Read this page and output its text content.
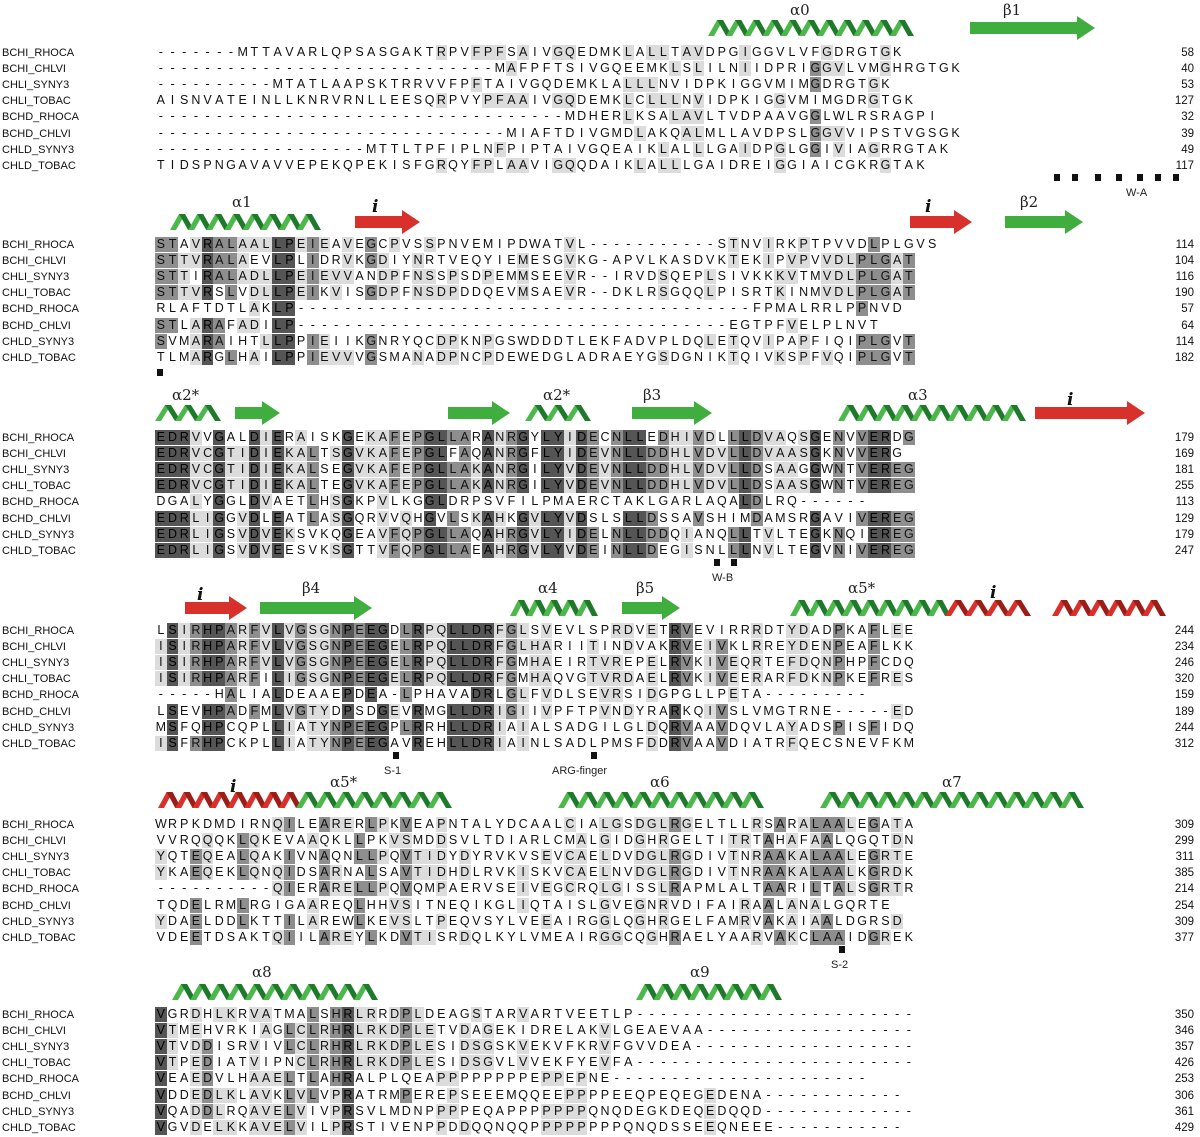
α0	β1
BCHI_RHOCA	- - - - - - - M T T A V A R L Q P S A S G A K T R P V F P F S A I V G Q E D M K L A L L T A V D P G I G G V L V F G D R G T G K	58
BCHI_CHLVI	- - - - - - - - - - - - - - - - - - - - - - - - - - - - - M A F P F T S I V G Q E E M K L S L I L N I I D P R I G G V L V M G H R G T G K	40
CHLI_SYNY3	- - - - - - - - - - M T A T L A A P S K T R R V V F P F T A I V G Q D E M K L A L L L N V I D P K I G G V M I M G D R G T G K	53
CHLI_TOBAC	A I S N V A T E I N L L K N R V R N L L E E S Q R P V Y P F A A I V G Q D E M K L C L L L N V I D P K I G G V M I M G D R G T G K	127
BCHD_RHOCA	- - - - - - - - - - - - - - - - - - - - - - - - - - - - - - - - - - - M D H E R L K S A L A V L T V D P A A V G G L W L R S R A G P I	32
BCHD_CHLVI	- - - - - - - - - - - - - - - - - - - - - - - - - - - - - - M I A F T D I V G M D L A K Q A L M L L A V D P S L G G V V I P S T V G S G K	39
CHLD_SYNY3	- - - - - - - - - - - - - - - - - - M T T L T P F I P L N F P I P T A I V G Q E A I K L A L L L G A I D P G L G G I V I A G R R G T A K	49
CHLD_TOBAC	T I D S P N G A V A V V E P E K Q P E K I S F G R Q Y F P L A A V I G Q Q D A I K L A L L L G A I D R E I G G I A I C G K R G T A K	117
W-A
α1	i	i	β2
BCHI_RHOCA	S T A V R A L A A L L P E I E A V E G C P V S S P N V E M I P D W A T V L - - - - - - - - - - - S T N V I R K P T P V V D L P L G V S	114
BCHI_CHLVI	S T T V R A L A E V L P L I D R V K G D I Y N R T V E Q Y I E M E S G V K G - A P V L K A S D V K T E K I P V P V V D L P L G A T	104
CHLI_SYNY3	S T T I R A L A D L L P E I E V V A N D P F N S S P S D P E M M S E E V R - - I R V D S Q E P L S I V K K K V T M V D L P L G A T	116
CHLI_TOBAC	S T T V R S L V D L L P E I K V I S G D P F N S D P D D Q E V M S A E V R - - D K L R S G Q Q L P I S R T K I N M V D L P L G A T	190
BCHD_RHOCA	R L A F T D T L A K L P - - - - - - - - - - - - - - - - - - - - - - - - - - - - - - - - - - - - - - - F P M A L R R L P P N V D	57
BCHD_CHLVI	S T L A R A F A D I L P - - - - - - - - - - - - - - - - - - - - - - - - - - - - - - - - - - - - - E G T P F V E L P L N V T	64
CHLD_SYNY3	S V M A R A I H T L L P P I E I I K G N R Y Q C D P K N P G S W D D D T L E K F A D V P L D Q L E T Q V I P A P F I Q I P L G V T	114
CHLD_TOBAC	T L M A R G L H A I L P P I E V V V G S M A N A D P N C P D E W E D G L A D R A E Y G S D G N I K T Q I V K S P F V Q I P L G V T	182
α2*	α2*	β3	α3	i
BCHI_RHOCA	E D R V V G A L D I E R A I S K G E K A F E P G L L A R A N R G Y L Y I D E C N L L E D H I V D L L L D V A Q S G E N V V E R D G	179
BCHI_CHLVI	E D R V C G T I D I E K A L T S G V K A F E P G L F A Q A N R G F L Y I D E V N L L D D H L V D V L L D V A A S G K N V V E R G	169
CHLI_SYNY3	E D R V C G T I D I E K A L S E G V K A F E P G L L A K A N R G I L Y V D E V N L L D D H L V D V L L D S A A G G W N T V E R E G	181
CHLI_TOBAC	E D R V C G T I D I E K A L T E G V K A F E P G L L A K A N R G I L Y V D E V N L L D D H L V D V L L D S A A S G W N T V E R E G	255
BCHD_RHOCA	D G A L Y G G L D V A E T L H S G K P V L K G G L D R P S V F I L P M A E R C T A K L G A R L A Q A L D L R Q - - - - - -	113
BCHD_CHLVI	E D R L I G G V D L E A T L A S G Q R V V Q H G V L S K A H K G V L Y V D S L S L L D S S A V S H I M D A M S R G A V I V E R E G	129
CHLD_SYNY3	E D R L I G S V D V E K S V K Q G E A V F Q P G L L A Q A H R G V L Y I D E L N L L D D Q I A N Q L L T V L T E G K N Q I E R E G	179
CHLD_TOBAC	E D R L I G S V D V E E S V K S G T T V F Q P G L L A E A H R G V L Y V D E I N L L D E G I S N L L L N V L T E G V N I V E R E G	247
W-B
i	β4	α4	β5	α5*	i
BCHI_RHOCA	L S I R H P A R F V L V G S G N P E E G D L R P Q L L D R F G L S V E V L S P R D V E T R V E V I R R R D T Y D A D P K A F L E E	244
BCHI_CHLVI	I S I R H P A R F V L V G S G N P E E G E L R P Q L L D R F G L H A R I I T I N D V A K R V E I V K L R R E Y D E N P E A F L K K	234
CHLI_SYNY3	I S I R H P A R F V L V G S G N P E E G E L R P Q L L D R F G M H A E I R T V R E P E L R V K I V E Q R T E F D Q N P H P F C D Q	246
CHLI_TOBAC	I S I R H P A R F I L I G S G N P E E G E L R P Q L L D R F G M H A Q V G T V R D A E L R V K I V E E R A R F D K N P K E F R E S	320
BCHD_RHOCA	- - - - - H A L I A L D E A A E P D E A - L P H A V A D R L G L F V D L S E V R S I D G P G L L P E T A - - - - - - - - -	159
BCHD_CHLVI	L S E V H P A D F M L V G T Y D P S D G E V R M G L L D R I G I I V P F T P V N D Y R A R K Q I V S L V M G T R N E - - - - - E D	189
CHLD_SYNY3	M S F Q H P C Q P L L I A T Y N P E E G P L R R H L L D R I A I A L S A D G I L G L D Q R V A A V D Q V L A Y A D S P I S F I D Q	244
CHLD_TOBAC	I S F R H P C K P L L I A T Y N P E E G A V R E H L L D R I A I N L S A D L P M S F D D R V A A V D I A T R F Q E C S N E V F K M	312
S-1	ARG-finger
i	α5*	α6	α7
BCHI_RHOCA	W R P K D M D I R N Q I L E A R E R L P K V E A P N T A L Y D C A A L C I A L G S D G L R G E L T L L R S A R A L A A L E G A T A	309
BCHI_CHLVI	V V R Q Q Q K L Q K E V A A Q K L L P K V S M D D S V L T D I A R L C M A L G I D G H R G E L T I T R T A H A F A A L Q G Q T D N	299
CHLI_SYNY3	Y Q T E Q E A L Q A K I V N A Q N L L P Q V T I D Y D Y R V K V S E V C A E L D V D G L R G D I V T N R A A K A L A A L E G R T E	311
CHLI_TOBAC	Y K A E Q E K L Q N Q I D S A R N A L S A V T I D H D L R V K I S K V C A E L N V D G L R G D I V T N R A A K A L A A L K G R D K	385
BCHD_RHOCA	- - - - - - - - - - Q I E R A R E L L P Q V Q M P A E R V S E I V E G C R Q L G I S S L R A P M L A L T A A R I L T A L S G R T R	214
BCHD_CHLVI	T Q D E L R M L R G I G A A R E Q L H H V S I T N E Q I K G L I Q T A I S L G V E G N R V D I F A I R A A L A N A L G Q R T E	254
CHLD_SYNY3	Y D A E L D D L K T T I L A R E W L K E V S L T P E Q V S Y L V E E A I R G G L Q G H R G E L F A M R V A K A I A A L D G R S D	309
CHLD_TOBAC	V D E E T D S A K T Q I I L A R E Y L K D V T I S R D Q L K Y L V M E A I R G G C Q G H R A E L Y A A R V A K C L A A I D G R E K	377
S-2
α8	α9
BCHI_RHOCA	V G R D H L K R V A T M A L S H R L R R D P L D E A G S T A R V A R T V E E T L P - - - - - - - - - - - - - - - - - - - - - - - -	350
BCHI_CHLVI	V T M E H V R K I A G L C L R H R L R K D P L E T V D A G E K I D R E L A K V L G E A E V A A - - - - - - - - - - - - - - - - - -	346
CHLI_SYNY3	V T V D D I S R V I V L C L R H R L R K D P L E S I D S G S K V E K V F K R V F G V V D E A - - - - - - - - - - - - - - - - - - -	357
CHLI_TOBAC	V T P E D I A T V I P N C L R H R L R K D P L E S I D S G V L V V E K F Y E V F A - - - - - - - - - - - - - - - - - - - - - - - -	426
BCHD_RHOCA	V E A E D V L H A A E L T L A H R A L P L Q E A P P P P P P P P E P P E P N E - - - - - - - - - - - - - - - - - - - - - -	253
BCHD_CHLVI	V D D E D L K L A V K L V L V P R A T R M P E R E P S E E E M Q Q E E P P P P E E Q P E Q E G E D E N A - - - - - - - - - - - -	306
CHLD_SYNY3	V Q A D D L R Q A V E L V I V P R S V L M D N P P P P E Q A P P P P P P P Q N Q D E G K D E Q E D Q Q D - - - - - - - - - - - - -	361
CHLD_TOBAC	V G V D E L K K A V E L V I L P R S T I V E N P P D D Q Q N Q Q P P P P P P P P Q N Q D S S E E Q N E E E - - - - - - - - - - -	429
